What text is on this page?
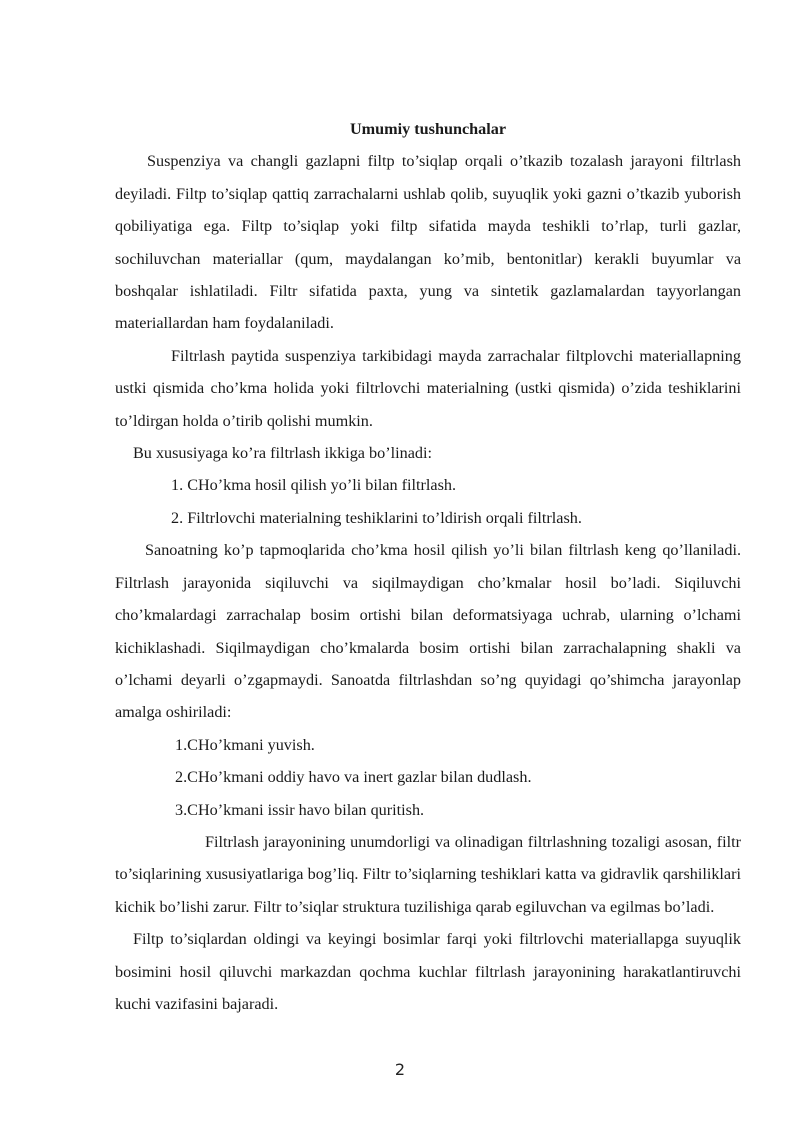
Umumiy tushunchalar

Suspenziya va changli gazlapni filtp to’siqlap orqali o’tkazib tozalash jarayoni filtrlash deyiladi. Filtp to’siqlap qattiq zarrachalarni ushlab qolib, suyuqlik yoki gazni o’tkazib yuborish qobiliyatiga ega. Filtp to’siqlap yoki filtp sifatida mayda teshikli to’rlap, turli gazlar, sochiluvchan materiallar (qum, maydalangan ko’mib, bentonitlar) kerakli buyumlar va boshqalar ishlatiladi. Filtr sifatida paxta, yung va sintetik gazlamalardan tayyorlangan materiallardan ham foydalaniladi.

Filtrlash paytida suspenziya tarkibidagi mayda zarrachalar filtplovchi materiallapning ustki qismida cho’kma holida yoki filtrlovchi materialning (ustki qismida) o’zida teshiklarini to’ldirgan holda o’tirib qolishi mumkin.

Bu xususiyaga ko’ra filtrlash ikkiga bo’linadi:

1. CHo’kma hosil qilish yo’li bilan filtrlash.

2. Filtrlovchi materialning teshiklarini to’ldirish orqali filtrlash.

Sanoatning ko’p tapmoqlarida cho’kma hosil qilish yo’li bilan filtrlash keng qo’llaniladi. Filtrlash jarayonida siqiluvchi va siqilmaydigan cho’kmalar hosil bo’ladi. Siqiluvchi cho’kmalardagi zarrachalap bosim ortishi bilan deformatsiyaga uchrab, ularning o’lchami kichiklashadi. Siqilmaydigan cho’kmalarda bosim ortishi bilan zarrachalapning shakli va o’lchami deyarli o’zgapmaydi. Sanoatda filtrlashdan so’ng quyidagi qo’shimcha jarayonlap amalga oshiriladi:

1.CHo’kmani yuvish.

2.CHo’kmani oddiy havo va inert gazlar bilan dudlash.

3.CHo’kmani issir havo bilan quritish.

Filtrlash jarayonining unumdorligi va olinadigan filtrlashning tozaligi asosan, filtr to’siqlarining xususiyatlariga bog’liq. Filtr to’siqlarning teshiklari katta va gidravlik qarshiliklari kichik bo’lishi zarur. Filtr to’siqlar struktura tuzilishiga qarab egiluvchan va egilmas bo’ladi.

Filtp to’siqlardan oldingi va keyingi bosimlar farqi yoki filtrlovchi materiallapga suyuqlik bosimini hosil qiluvchi markazdan qochma kuchlar filtrlash jarayonining harakatlantiruvchi kuchi vazifasini bajaradi.

2
